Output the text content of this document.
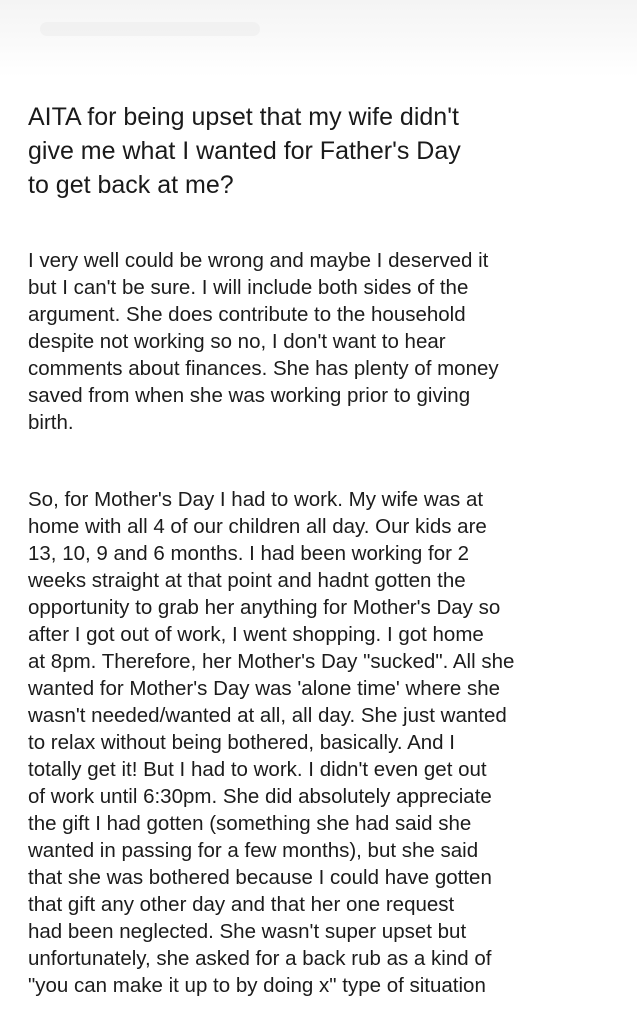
AITA for being upset that my wife didn't
give me what I wanted for Father's Day
to get back at me?

I very well could be wrong and maybe I deserved it
but I can't be sure. I will include both sides of the
argument. She does contribute to the household
despite not working so no, I don't want to hear
comments about finances. She has plenty of money
saved from when she was working prior to giving
birth.

So, for Mother's Day I had to work. My wife was at
home with all 4 of our children all day. Our kids are
13, 10, 9 and 6 months. I had been working for 2
weeks straight at that point and hadnt gotten the
opportunity to grab her anything for Mother's Day so
after I got out of work, I went shopping. I got home
at 8pm. Therefore, her Mother's Day "sucked". All she
wanted for Mother's Day was 'alone time' where she
wasn't needed/wanted at all, all day. She just wanted
to relax without being bothered, basically. And I
totally get it! But I had to work. I didn't even get out
of work until 6:30pm. She did absolutely appreciate
the gift I had gotten (something she had said she
wanted in passing for a few months), but she said
that she was bothered because I could have gotten
that gift any other day and that her one request
had been neglected. She wasn't super upset but
unfortunately, she asked for a back rub as a kind of
"you can make it up to by doing x" type of situation
